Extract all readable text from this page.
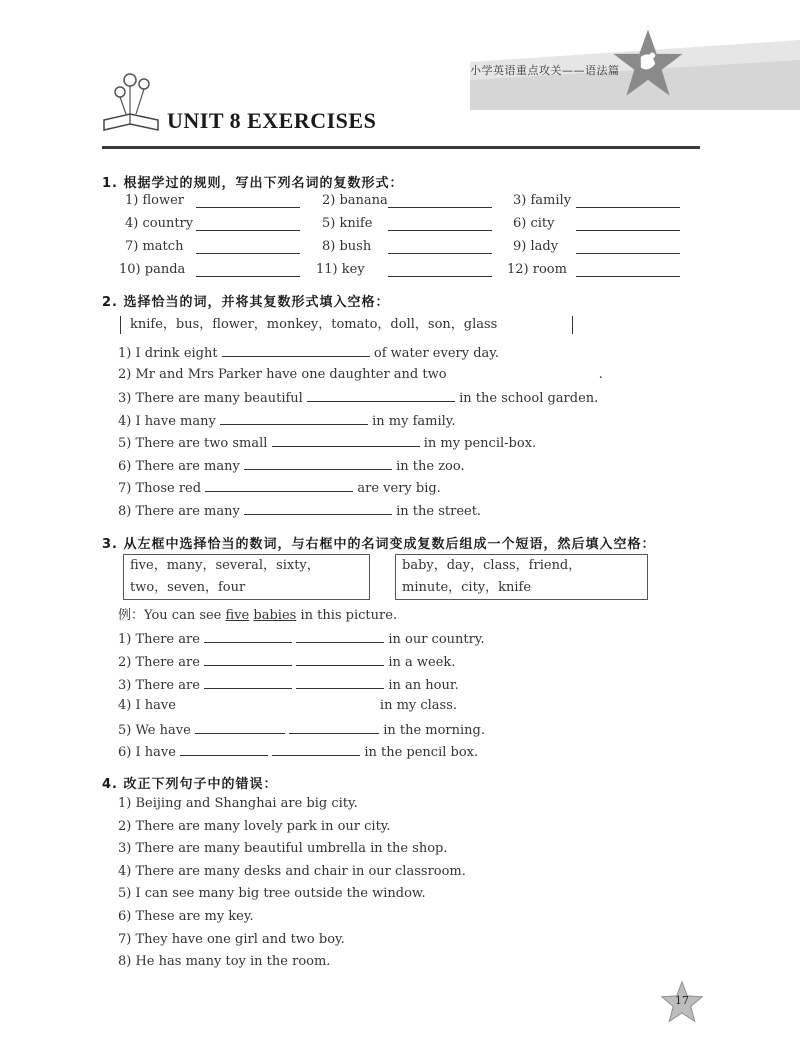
小学英语重点攻关——语法篇
UNIT 8 EXERCISES
1. 根据学过的规则，写出下列名词的复数形式：
1) flower	2) banana	3) family
4) country	5) knife	6) city
7) match	8) bush	9) lady
10) panda	11) key	12) room
2. 选择恰当的词，并将其复数形式填入空格：
knife，bus，flower，monkey，tomato，doll，son，glass
1) I drink eight	of water every day.
2) Mr and Mrs Parker have one daughter and two	.
3) There are many beautiful	in the school garden.
4) I have many	in my family.
5) There are two small	in my pencil-box.
6) There are many	in the zoo.
7) Those red	are very big.
8) There are many	in the street.
3. 从左框中选择恰当的数词，与右框中的名词变成复数后组成一个短语，然后填入空格：
five，many，several，sixty，
two，seven，four
baby，day，class，friend，
minute，city，knife
例：You can see five babies in this picture.
1) There are	in our country.
2) There are	in a week.
3) There are	in an hour.
4) I have	in my class.
5) We have	in the morning.
6) I have	in the pencil box.
4. 改正下列句子中的错误：
1) Beijing and Shanghai are big city.
2) There are many lovely park in our city.
3) There are many beautiful umbrella in the shop.
4) There are many desks and chair in our classroom.
5) I can see many big tree outside the window.
6) These are my key.
7) They have one girl and two boy.
8) He has many toy in the room.
17
